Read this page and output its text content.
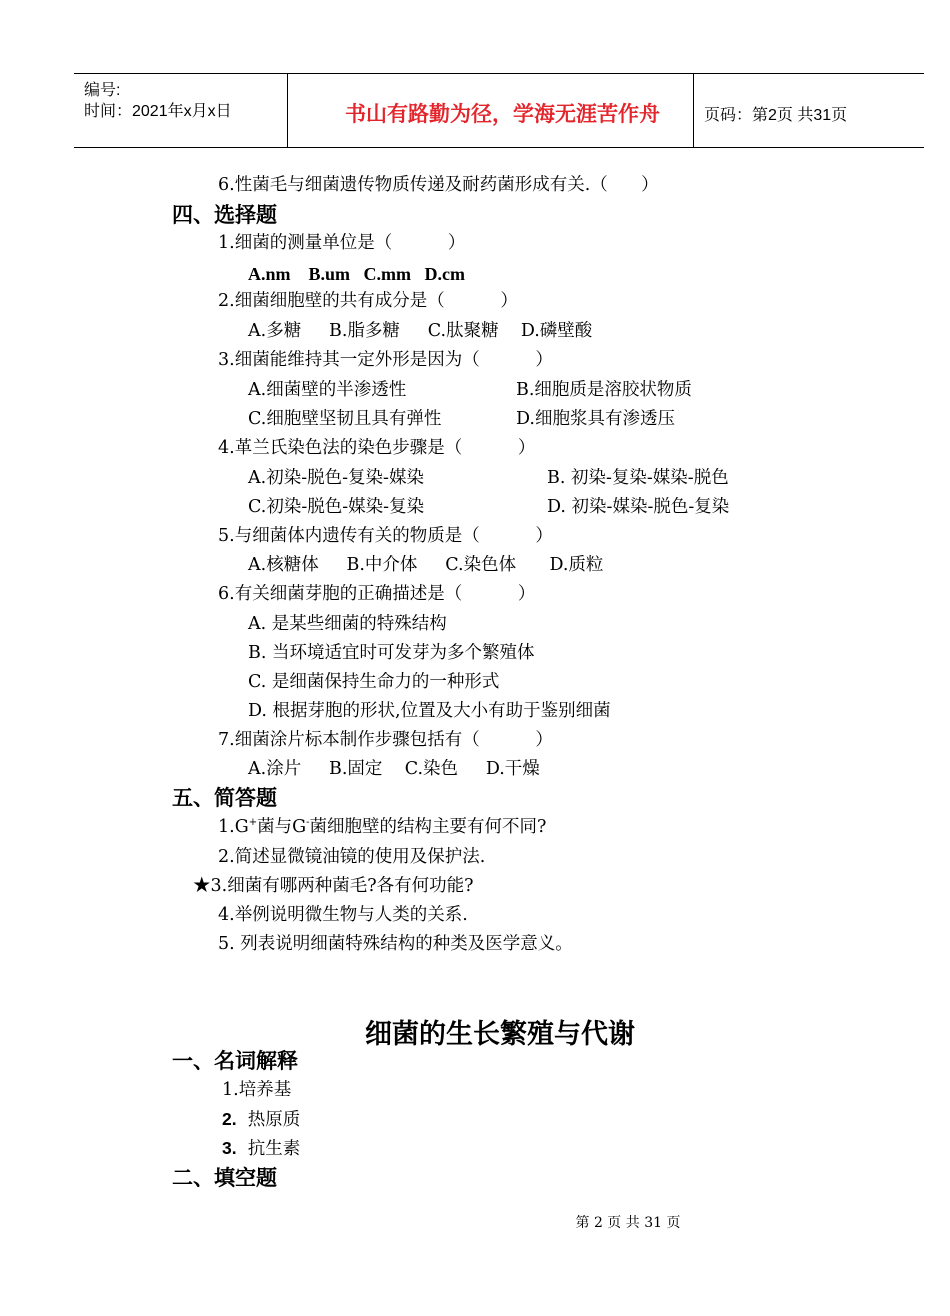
编号:
时间：2021年x月x日	书山有路勤为径，学海无涯苦作舟	页码：第2页 共31页
6.性菌毛与细菌遗传物质传递及耐药菌形成有关.（      ）
四、选择题
1.细菌的测量单位是（          ）
A.nm    B.um   C.mm   D.cm
2.细菌细胞壁的共有成分是（          ）
A.多糖     B.脂多糖     C.肽聚糖    D.磷壁酸
3.细菌能维持其一定外形是因为（          ）
A.细菌壁的半渗透性	B.细胞质是溶胶状物质
C.细胞壁坚韧且具有弹性	D.细胞浆具有渗透压
4.革兰氏染色法的染色步骤是（          ）
A.初染-脱色-复染-媒染	B. 初染-复染-媒染-脱色
C.初染-脱色-媒染-复染	D. 初染-媒染-脱色-复染
5.与细菌体内遗传有关的物质是（          ）
A.核糖体     B.中介体     C.染色体      D.质粒
6.有关细菌芽胞的正确描述是（          ）
A. 是某些细菌的特殊结构
B. 当环境适宜时可发芽为多个繁殖体
C. 是细菌保持生命力的一种形式
D. 根据芽胞的形状,位置及大小有助于鉴别细菌
7.细菌涂片标本制作步骤包括有（          ）
A.涂片     B.固定    C.染色     D.干燥
五、简答题
1.G+菌与G-菌细胞壁的结构主要有何不同?
2.简述显微镜油镜的使用及保护法.
★3.细菌有哪两种菌毛?各有何功能?
4.举例说明微生物与人类的关系.
5. 列表说明细菌特殊结构的种类及医学意义。
细菌的生长繁殖与代谢
一、名词解释
1.培养基
2.  热原质
3.  抗生素
二、填空题
第 2 页 共 31 页
